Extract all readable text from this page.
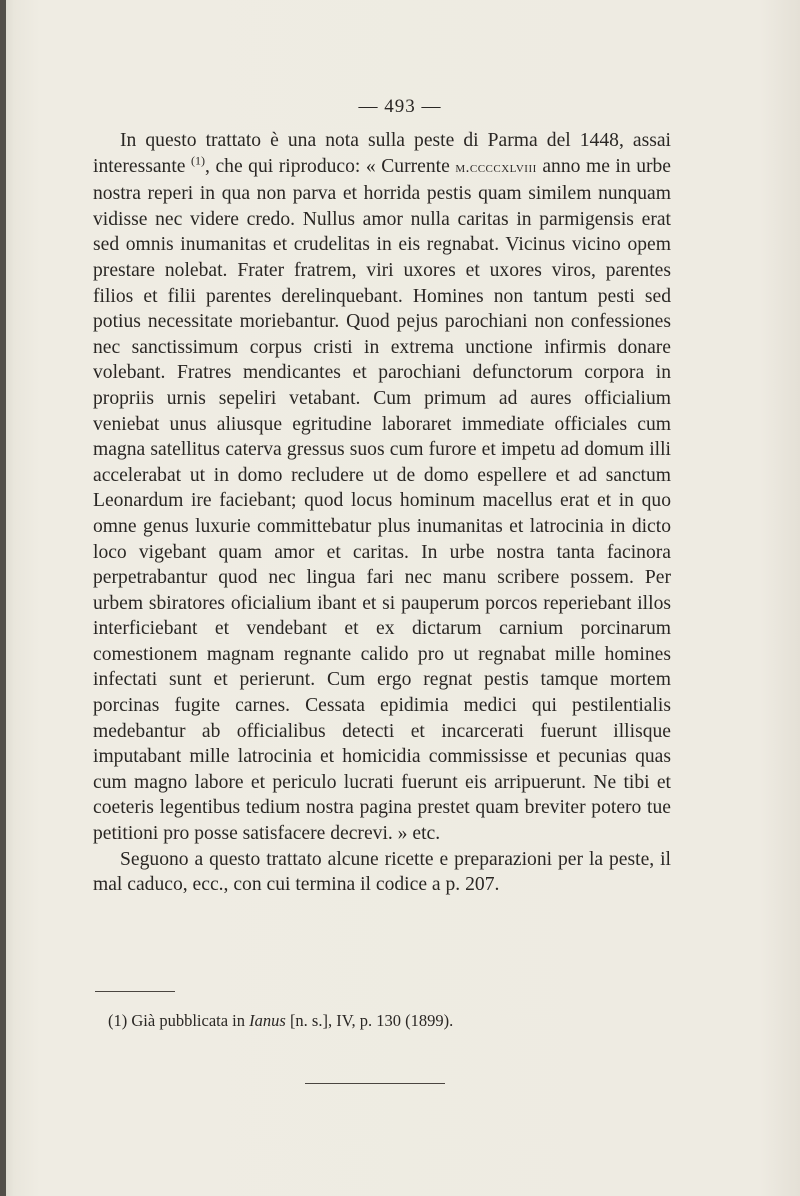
— 493 —

In questo trattato è una nota sulla peste di Parma del 1448, assai interessante $^{(1)}$, che qui riproduco: « Currente m.ccccxlviii anno me in urbe nostra reperi in qua non parva et horrida pestis quam similem nunquam vidisse nec videre credo. Nullus amor nulla caritas in parmigensis erat sed omnis inumanitas et crudelitas in eis regnabat. Vicinus vicino opem prestare nolebat. Frater fratrem, viri uxores et uxores viros, parentes filios et filii parentes derelinquebant. Homines non tantum pesti sed potius necessitate moriebantur. Quod pejus parochiani non confessiones nec sanctissimum corpus cristi in extrema unctione infirmis donare volebant. Fratres mendicantes et parochiani defunctorum corpora in propriis urnis sepeliri vetabant. Cum primum ad aures officialium veniebat unus aliusque egritudine laboraret immediate officiales cum magna satellitus caterva gressus suos cum furore et impetu ad domum illi accelerabat ut in domo recludere ut de domo espellere et ad sanctum Leonardum ire faciebant; quod locus hominum macellus erat et in quo omne genus luxurie committebatur plus inumanitas et latrocinia in dicto loco vigebant quam amor et caritas. In urbe nostra tanta facinora perpetrabantur quod nec lingua fari nec manu scribere possem. Per urbem sbiratores oficialium ibant et si pauperum porcos reperiebant illos interficiebant et vendebant et ex dictarum carnium porcinarum comestionem magnam regnante calido pro ut regnabat mille homines infectati sunt et perierunt. Cum ergo regnat pestis tamque mortem porcinas fugite carnes. Cessata epidimia medici qui pestilentialis medebantur ab officialibus detecti et incarcerati fuerunt illisque imputabant mille latrocinia et homicidia commississe et pecunias quas cum magno labore et periculo lucrati fuerunt eis arripuerunt. Ne tibi et coeteris legentibus tedium nostra pagina prestet quam breviter potero tue petitioni pro posse satisfacere decrevi. » etc.

Seguono a questo trattato alcune ricette e preparazioni per la peste, il mal caduco, ecc., con cui termina il codice a p. 207.

(1) Già pubblicata in Ianus [n. s.], IV, p. 130 (1899).
